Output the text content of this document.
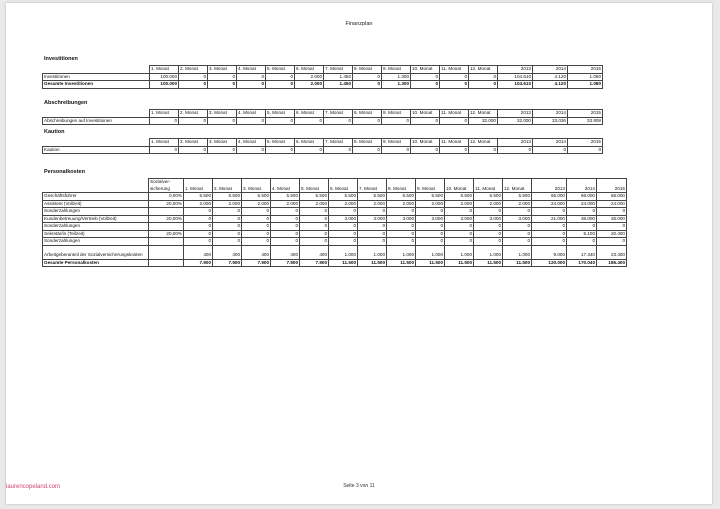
Finanzplan
Investitionen
	1. Monat	2. Monat	3. Monat	4. Monat	5. Monat	6. Monat	7. Monat	8. Monat	9. Monat	10. Monat	11. Monat	12. Monat	2013	2014	2015
Investitionen	100.000	0	0	0	0	2.000	1.450	0	1.300	0	0	0	104.610	4.120	1.080
Gesamte Investitionen	100.000	0	0	0	0	2.000	1.450	0	1.300	0	0	0	104.610	4.120	1.080
Abschreibungen
	1. Monat	2. Monat	3. Monat	4. Monat	5. Monat	6. Monat	7. Monat	8. Monat	9. Monat	10. Monat	11. Monat	12. Monat	2013	2014	2015
Abschreibungen auf Investitionen	0	0	0	0	0	0	0	0	0	0	0	32.000	32.000	33.036	33.908
Kaution
	1. Monat	2. Monat	3. Monat	4. Monat	5. Monat	6. Monat	7. Monat	8. Monat	9. Monat	10. Monat	11. Monat	12. Monat	2013	2014	2015
Kaution	0	0	0	0	0	0	0	0	0	0	0	0	0	0	0
Personalkosten
	Sozialver-sicherung	1. Monat	2. Monat	3. Monat	4. Monat	5. Monat	6. Monat	7. Monat	8. Monat	9. Monat	10. Monat	11. Monat	12. Monat	2013	2014	2015
Geschäftsführer	0,00%	5.500	5.500	5.500	5.500	5.500	5.500	5.500	5.500	5.500	5.500	5.500	5.500	66.000	66.000	66.000
Assistent (Vollzeit)	20,00%	2.000	2.000	2.000	2.000	2.000	2.000	2.000	2.000	2.000	2.000	2.000	2.000	24.000	24.000	24.000
Sonderzahlungen		0	0	0	0	0	0	0	0	0	0	0	0	0	0	0
Kundenbetreuung/Vertrieb (Vollzeit)	20,00%	0	0	0	0	0	3.000	3.000	3.000	3.000	3.000	3.000	3.000	21.000	36.000	36.000
Sonderzahlungen		0	0	0	0	0	0	0	0	0	0	0	0	0	0	0
Sekretär/in (Teilzeit)	20,00%	0	0	0	0	0	0	0	0	0	0	0	0	0	5.100	20.400
Sonderzahlungen		0	0	0	0	0	0	0	0	0	0	0	0	0	0	0
Arbeitgeberanteil der Sozialversicherungskosten		400	400	400	400	400	1.000	1.000	1.000	1.000	1.000	1.000	1.000	9.000	17.340	23.400
Gesamte Personalkosten		7.900	7.900	7.900	7.900	7.900	11.500	11.500	11.500	11.500	11.500	11.500	11.500	120.000	170.040	186.400
Seite 3 von 11
laurencopeland.com
